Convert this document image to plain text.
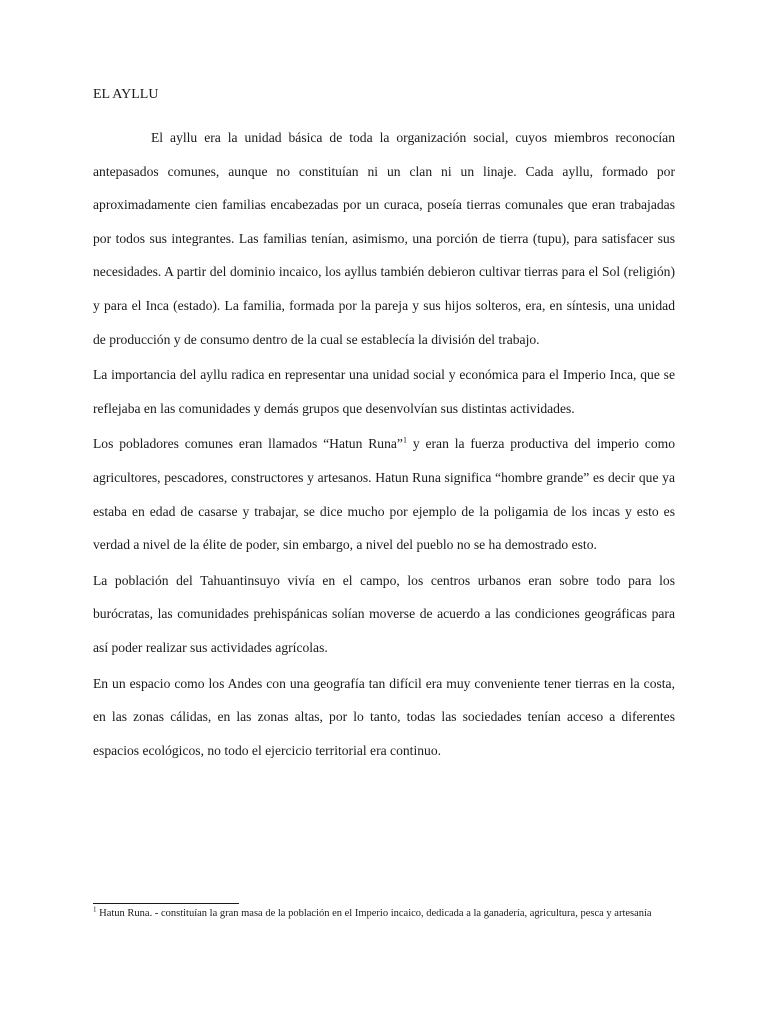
EL AYLLU

El ayllu era la unidad básica de toda la organización social, cuyos miembros reconocían antepasados comunes, aunque no constituían ni un clan ni un linaje. Cada ayllu, formado por aproximadamente cien familias encabezadas por un curaca, poseía tierras comunales que eran trabajadas por todos sus integrantes. Las familias tenían, asimismo, una porción de tierra (tupu), para satisfacer sus necesidades. A partir del dominio incaico, los ayllus también debieron cultivar tierras para el Sol (religión) y para el Inca (estado). La familia, formada por la pareja y sus hijos solteros, era, en síntesis, una unidad de producción y de consumo dentro de la cual se establecía la división del trabajo.

La importancia del ayllu radica en representar una unidad social y económica para el Imperio Inca, que se reflejaba en las comunidades y demás grupos que desenvolvían sus distintas actividades.

Los pobladores comunes eran llamados “Hatun Runa”$^1$ y eran la fuerza productiva del imperio como agricultores, pescadores, constructores y artesanos. Hatun Runa significa “hombre grande” es decir que ya estaba en edad de casarse y trabajar, se dice mucho por ejemplo de la poligamia de los incas y esto es verdad a nivel de la élite de poder, sin embargo, a nivel del pueblo no se ha demostrado esto.

La población del Tahuantinsuyo vivía en el campo, los centros urbanos eran sobre todo para los burócratas, las comunidades prehispánicas solían moverse de acuerdo a las condiciones geográficas para así poder realizar sus actividades agrícolas.

En un espacio como los Andes con una geografía tan difícil era muy conveniente tener tierras en la costa, en las zonas cálidas, en las zonas altas, por lo tanto, todas las sociedades tenían acceso a diferentes espacios ecológicos, no todo el ejercicio territorial era continuo.

$^1$ Hatun Runa. - constituían la gran masa de la población en el Imperio incaico, dedicada a la ganadería, agricultura, pesca y artesanía
